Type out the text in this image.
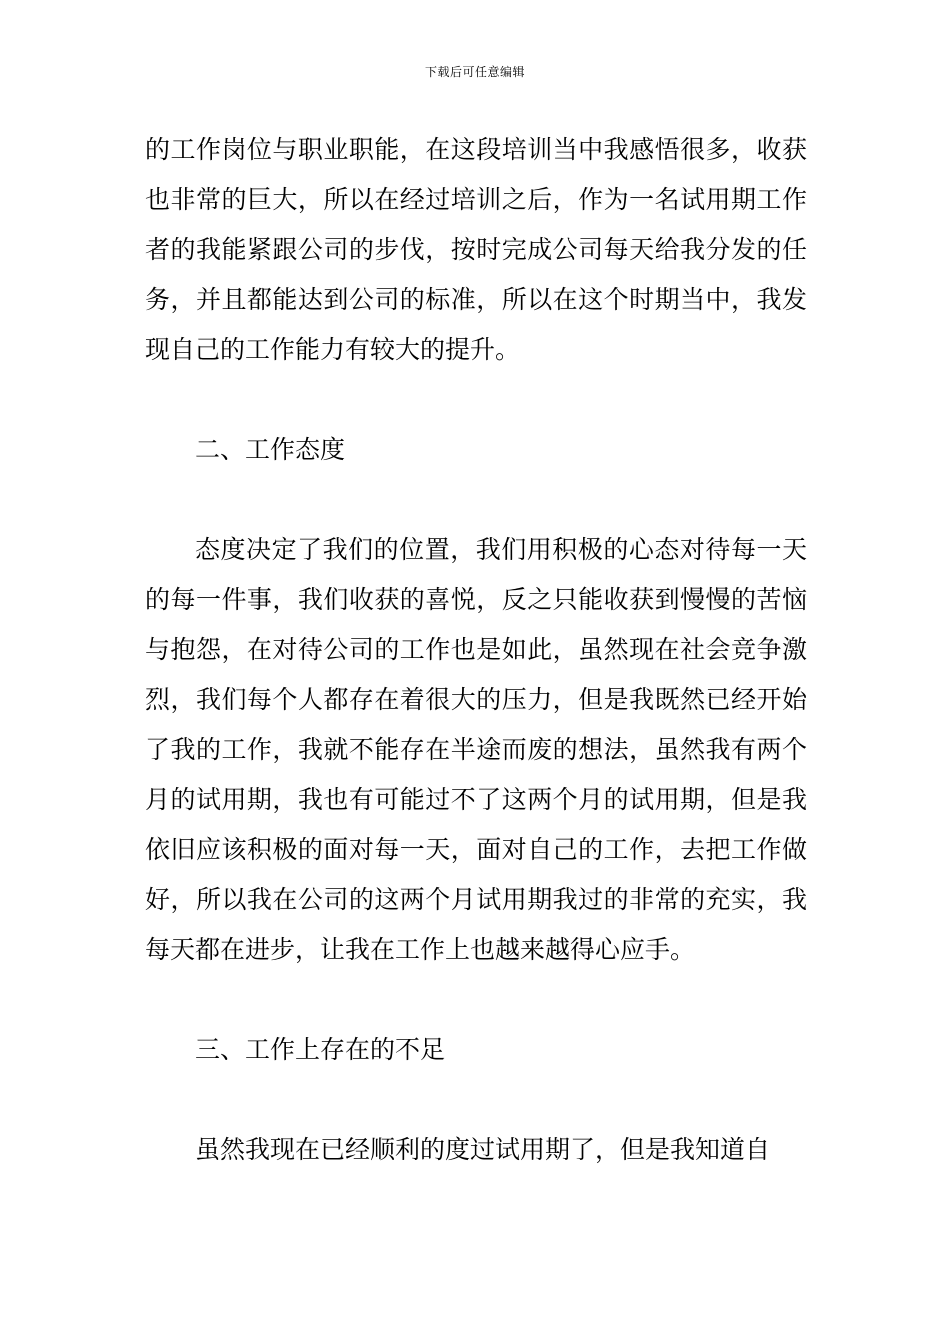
下载后可任意编辑

的工作岗位与职业职能，在这段培训当中我感悟很多，收获也非常的巨大，所以在经过培训之后，作为一名试用期工作者的我能紧跟公司的步伐，按时完成公司每天给我分发的任务，并且都能达到公司的标准，所以在这个时期当中，我发现自己的工作能力有较大的提升。

二、工作态度

态度决定了我们的位置，我们用积极的心态对待每一天的每一件事，我们收获的喜悦，反之只能收获到慢慢的苦恼与抱怨，在对待公司的工作也是如此，虽然现在社会竞争激烈，我们每个人都存在着很大的压力，但是我既然已经开始了我的工作，我就不能存在半途而废的想法，虽然我有两个月的试用期，我也有可能过不了这两个月的试用期，但是我依旧应该积极的面对每一天，面对自己的工作，去把工作做好，所以我在公司的这两个月试用期我过的非常的充实，我每天都在进步，让我在工作上也越来越得心应手。

三、工作上存在的不足

虽然我现在已经顺利的度过试用期了，但是我知道自
